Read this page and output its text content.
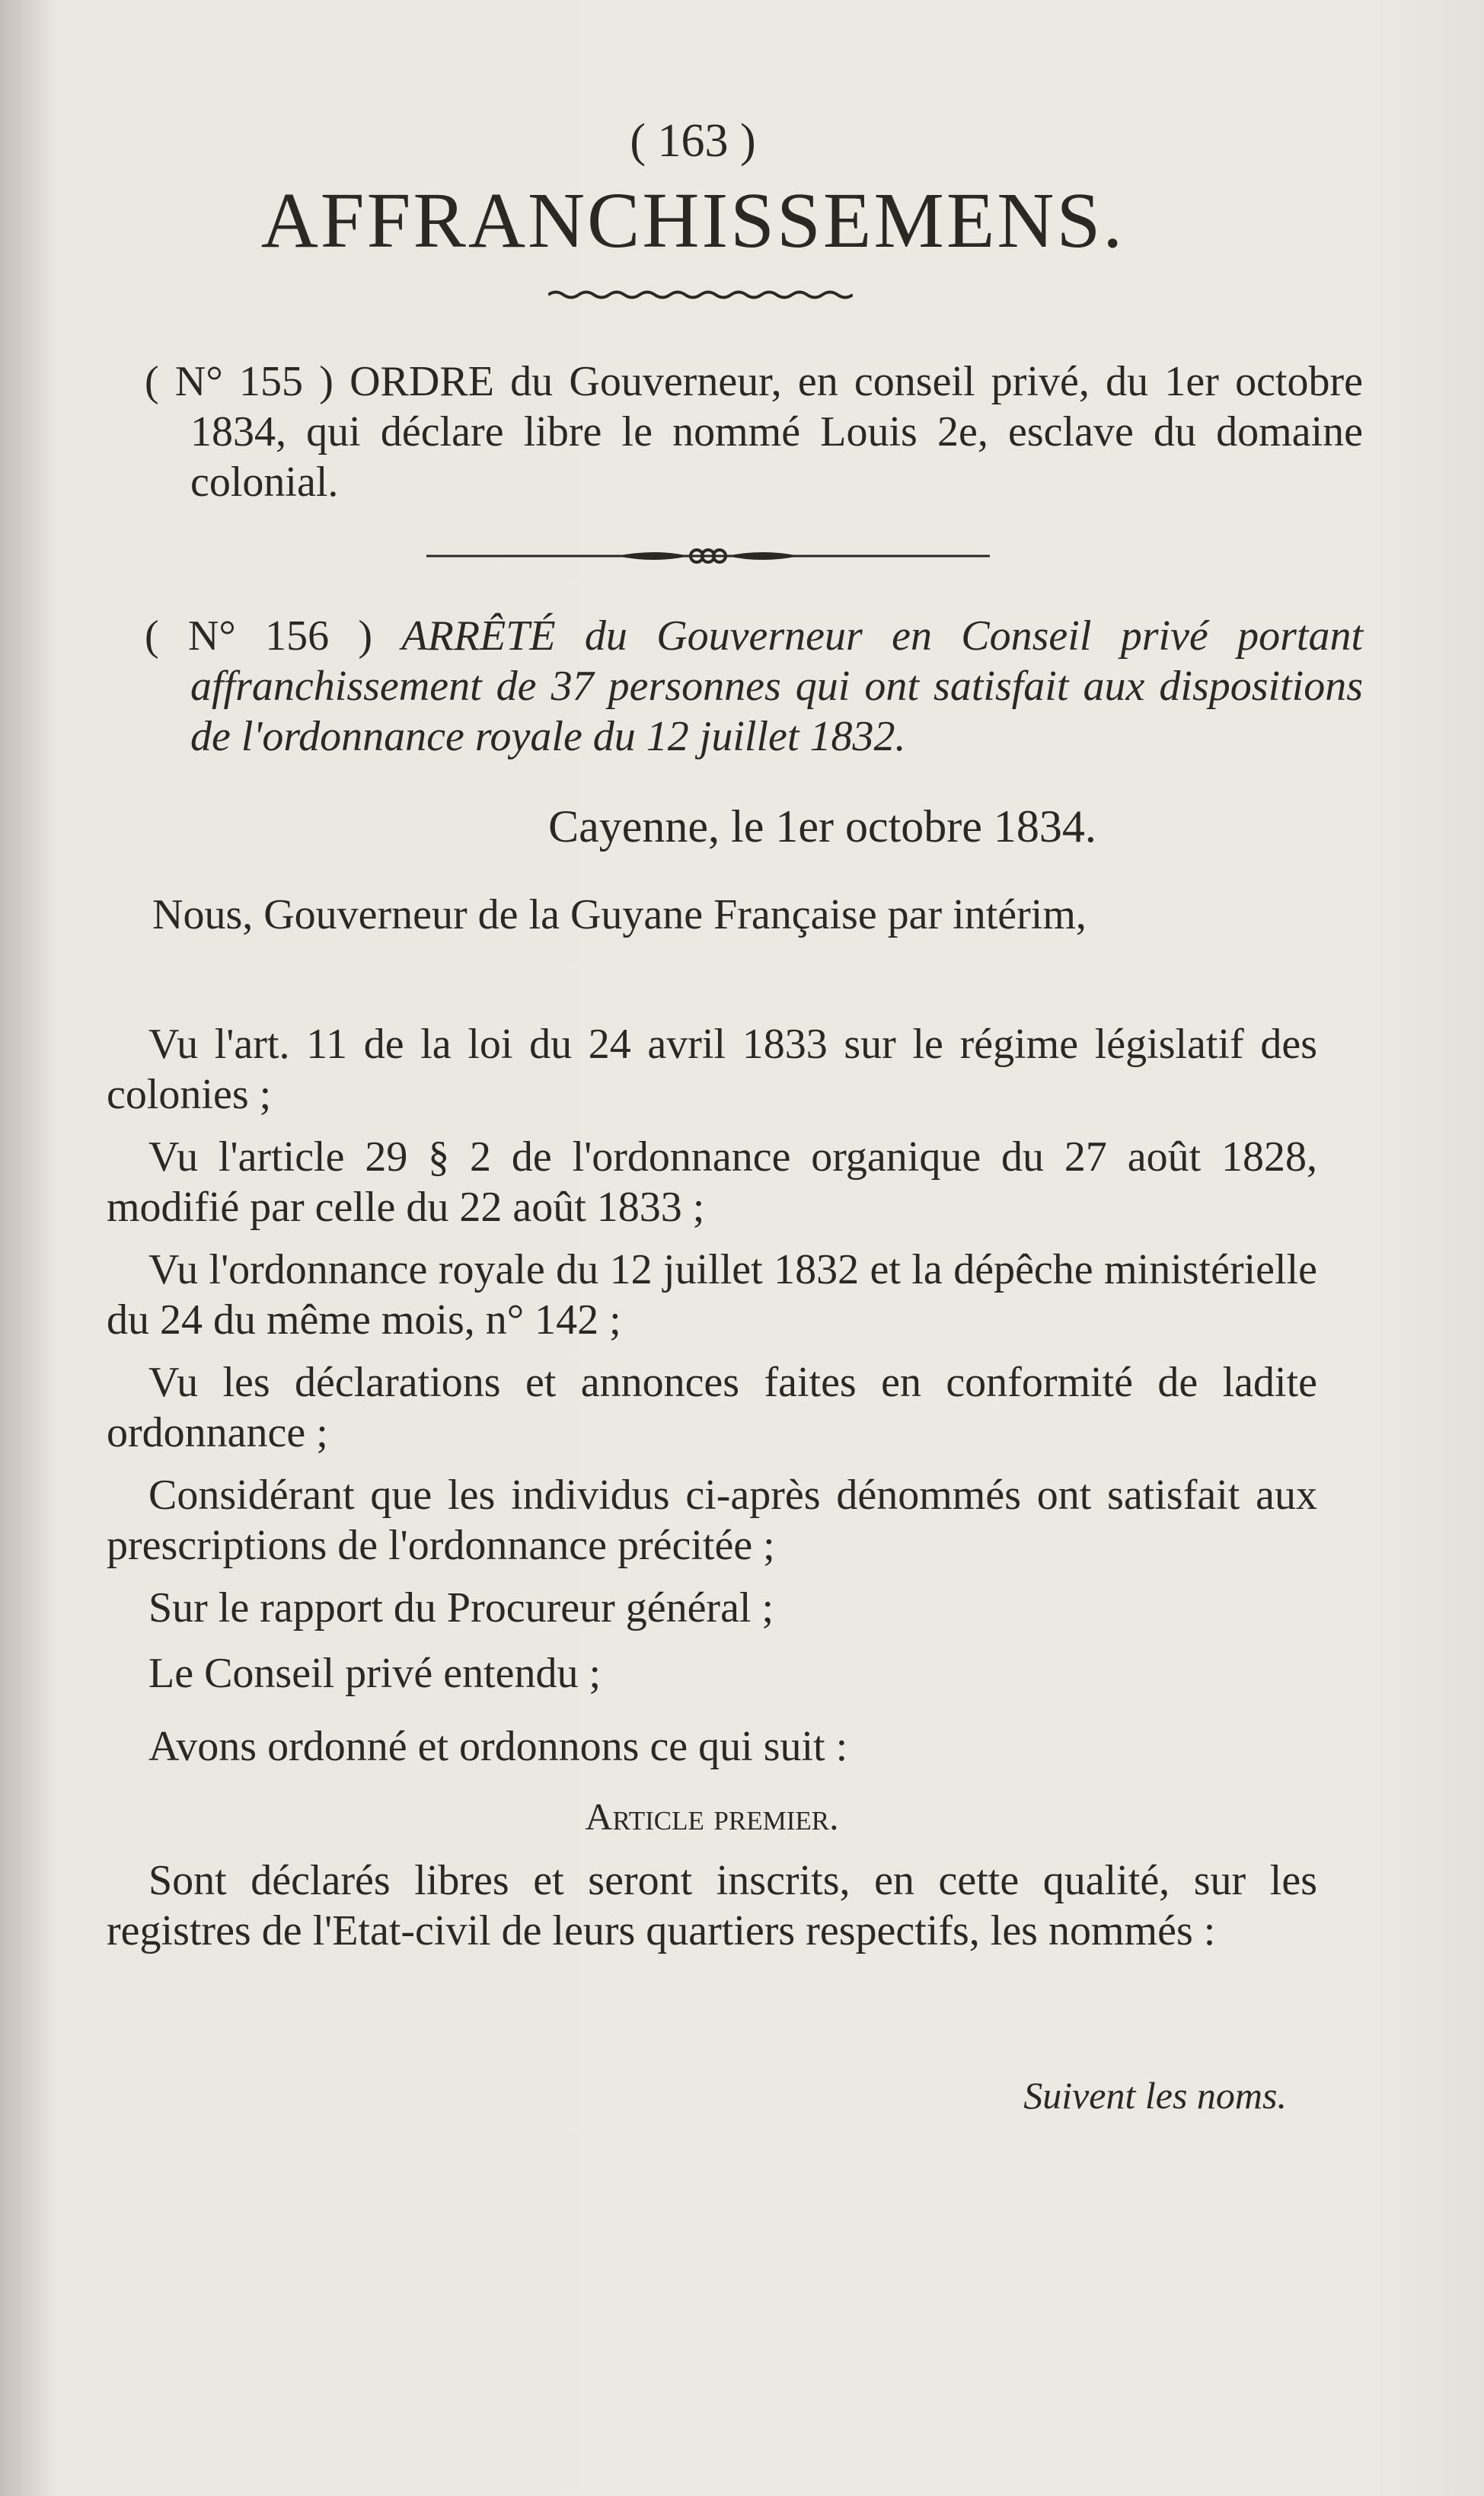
( 163 )
AFFRANCHISSEMENS.
( N° 155 ) ORDRE du Gouverneur, en conseil privé, du 1er octobre 1834, qui déclare libre le nommé Louis 2e, esclave du domaine colonial.
( N° 156 ) ARRÊTÉ du Gouverneur en Conseil privé portant affranchissement de 37 personnes qui ont satisfait aux dispositions de l'ordonnance royale du 12 juillet 1832.
Cayenne, le 1er octobre 1834.
Nous, Gouverneur de la Guyane Française par intérim,
Vu l'art. 11 de la loi du 24 avril 1833 sur le régime législatif des colonies ;
Vu l'article 29 § 2 de l'ordonnance organique du 27 août 1828, modifié par celle du 22 août 1833 ;
Vu l'ordonnance royale du 12 juillet 1832 et la dépêche ministérielle du 24 du même mois, n° 142 ;
Vu les déclarations et annonces faites en conformité de ladite ordonnance ;
Considérant que les individus ci-après dénommés ont satisfait aux prescriptions de l'ordonnance précitée ;
Sur le rapport du Procureur général ;
Le Conseil privé entendu ;
Avons ordonné et ordonnons ce qui suit :
Article premier.
Sont déclarés libres et seront inscrits, en cette qualité, sur les registres de l'Etat-civil de leurs quartiers respectifs, les nommés :
Suivent les noms.
